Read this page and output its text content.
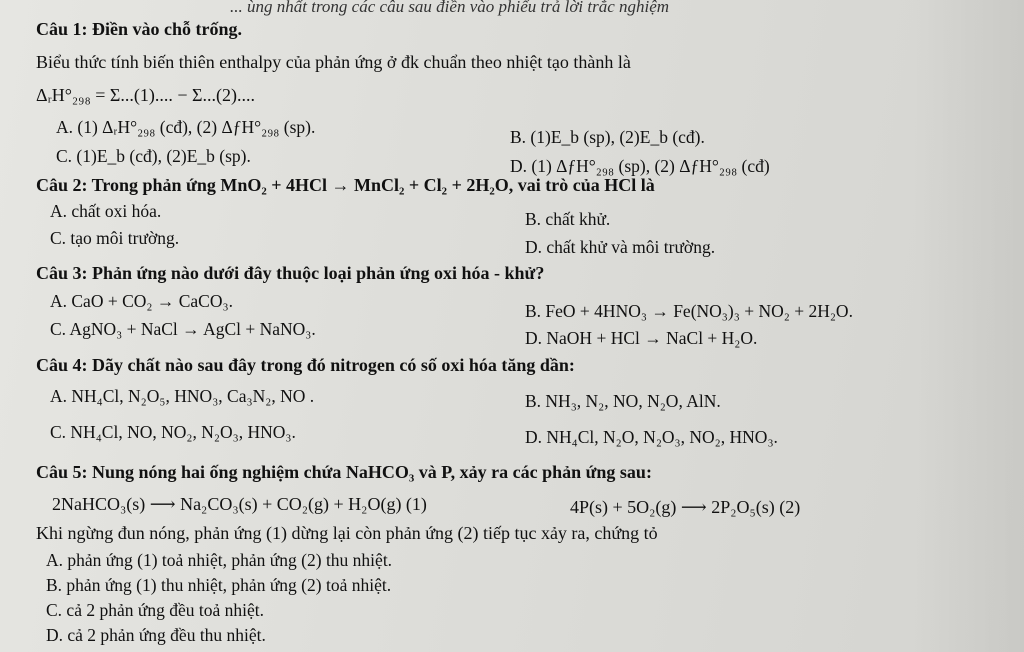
... ùng nhất trong các câu sau điền vào phiếu trả lời trắc nghiệm
Câu 1: Điền vào chỗ trống.
Biểu thức tính biến thiên enthalpy của phản ứng ở đk chuẩn theo nhiệt tạo thành là
ΔᵣH°₂₉₈ = Σ...(1).... − Σ...(2)....
A. (1) ΔᵣH°₂₉₈ (cđ), (2) ΔƒH°₂₉₈ (sp).	B. (1)E_b (sp), (2)E_b (cđ).
C. (1)E_b (cđ), (2)E_b (sp).	D. (1) ΔƒH°₂₉₈ (sp), (2) ΔƒH°₂₉₈ (cđ)
Câu 2: Trong phản ứng MnO₂ + 4HCl → MnCl₂ + Cl₂ + 2H₂O, vai trò của HCl là
A. chất oxi hóa.	B. chất khử.
C. tạo môi trường.	D. chất khử và môi trường.
Câu 3: Phản ứng nào dưới đây thuộc loại phản ứng oxi hóa - khử?
A. CaO + CO₂ → CaCO₃.	B. FeO + 4HNO₃ → Fe(NO₃)₃ + NO₂ + 2H₂O.
C. AgNO₃ + NaCl → AgCl + NaNO₃.	D. NaOH + HCl → NaCl + H₂O.
Câu 4: Dãy chất nào sau đây trong đó nitrogen có số oxi hóa tăng dần:
A. NH₄Cl, N₂O₅, HNO₃, Ca₃N₂, NO .	B. NH₃, N₂, NO, N₂O, AlN.
C. NH₄Cl, NO, NO₂, N₂O₃, HNO₃.	D. NH₄Cl, N₂O, N₂O₃, NO₂, HNO₃.
Câu 5: Nung nóng hai ống nghiệm chứa NaHCO₃ và P, xảy ra các phản ứng sau:
2NaHCO₃(s) ⟶ Na₂CO₃(s) + CO₂(g) + H₂O(g) (1)	4P(s) + 5O₂(g) ⟶ 2P₂O₅(s) (2)
Khi ngừng đun nóng, phản ứng (1) dừng lại còn phản ứng (2) tiếp tục xảy ra, chứng tỏ
A. phản ứng (1) toả nhiệt, phản ứng (2) thu nhiệt.
B. phản ứng (1) thu nhiệt, phản ứng (2) toả nhiệt.
C. cả 2 phản ứng đều toả nhiệt.
D. cả 2 phản ứng đều thu nhiệt.
